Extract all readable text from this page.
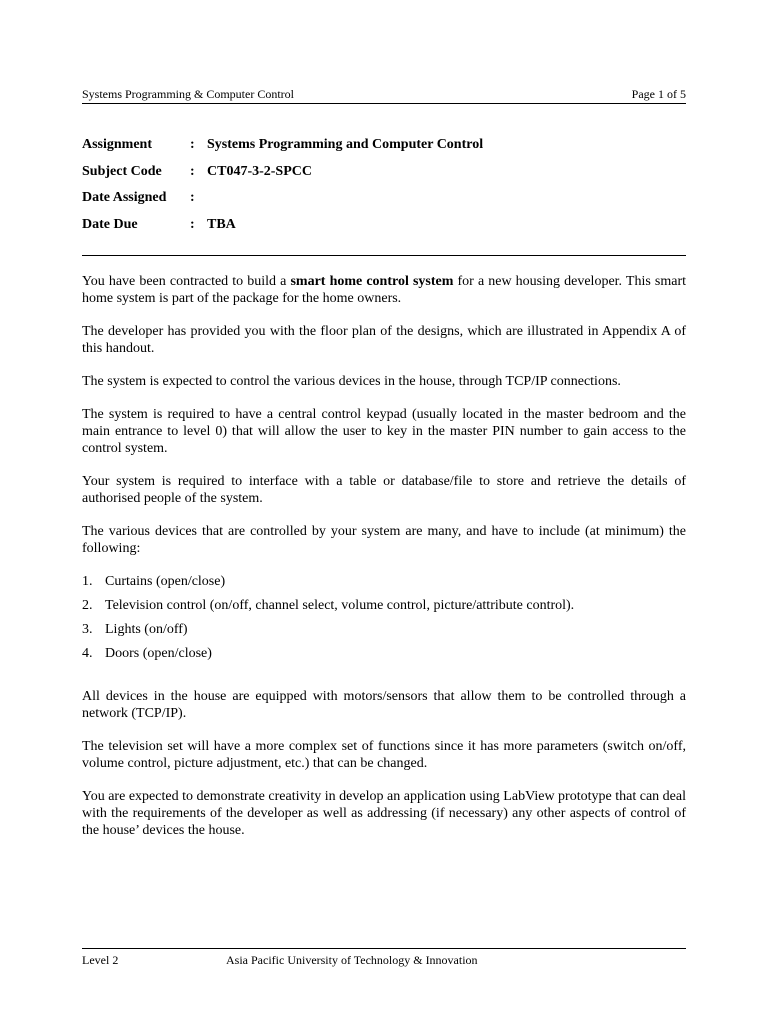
Systems Programming & Computer Control	Page 1 of 5
Assignment	: Systems Programming and Computer Control
Subject Code : CT047-3-2-SPCC
Date Assigned :
Date Due	: TBA

You have been contracted to build a smart home control system for a new housing developer. This smart home system is part of the package for the home owners.

The developer has provided you with the floor plan of the designs, which are illustrated in Appendix A of this handout.

The system is expected to control the various devices in the house, through TCP/IP connections.

The system is required to have a central control keypad (usually located in the master bedroom and the main entrance to level 0) that will allow the user to key in the master PIN number to gain access to the control system.

Your system is required to interface with a table or database/file to store and retrieve the details of authorised people of the system.

The various devices that are controlled by your system are many, and have to include (at minimum) the following:

1. Curtains (open/close)
2. Television control (on/off, channel select, volume control, picture/attribute control).
3. Lights (on/off)
4. Doors (open/close)

All devices in the house are equipped with motors/sensors that allow them to be controlled through a network (TCP/IP).

The television set will have a more complex set of functions since it has more parameters (switch on/off, volume control, picture adjustment, etc.) that can be changed.

You are expected to demonstrate creativity in develop an application using LabView prototype that can deal with the requirements of the developer as well as addressing (if necessary) any other aspects of control of the house’ devices the house.

Level 2	Asia Pacific University of Technology & Innovation
